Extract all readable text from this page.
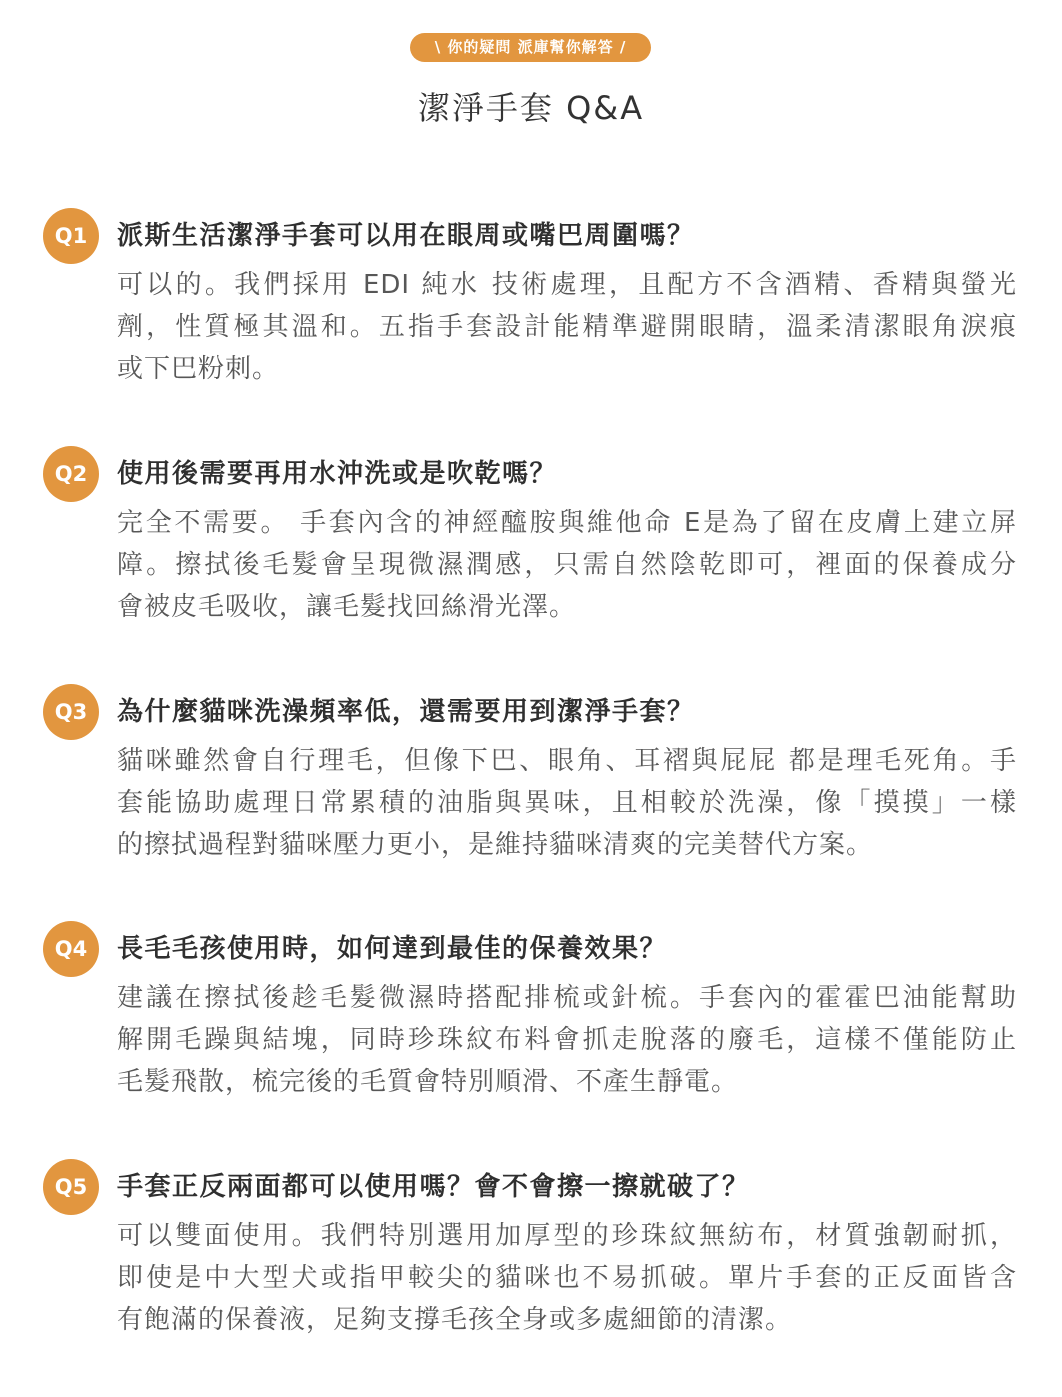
\ 你的疑問 派庫幫你解答 /
潔淨手套 Q&A
Q1	派斯生活潔淨手套可以用在眼周或嘴巴周圍嗎？
可以的。我們採用 EDI 純水 技術處理，且配方不含酒精、香精與螢光
劑，性質極其溫和。五指手套設計能精準避開眼睛，溫柔清潔眼角淚痕
或下巴粉刺。
Q2	使用後需要再用水沖洗或是吹乾嗎？
完全不需要。 手套內含的神經醯胺與維他命 E是為了留在皮膚上建立屏
障。擦拭後毛髮會呈現微濕潤感，只需自然陰乾即可，裡面的保養成分
會被皮毛吸收，讓毛髮找回絲滑光澤。
Q3	為什麼貓咪洗澡頻率低，還需要用到潔淨手套？
貓咪雖然會自行理毛，但像下巴、眼角、耳褶與屁屁 都是理毛死角。手
套能協助處理日常累積的油脂與異味，且相較於洗澡，像「摸摸」一樣
的擦拭過程對貓咪壓力更小，是維持貓咪清爽的完美替代方案。
Q4	長毛毛孩使用時，如何達到最佳的保養效果？
建議在擦拭後趁毛髮微濕時搭配排梳或針梳。手套內的霍霍巴油能幫助
解開毛躁與結塊，同時珍珠紋布料會抓走脫落的廢毛，這樣不僅能防止
毛髮飛散，梳完後的毛質會特別順滑、不產生靜電。
Q5	手套正反兩面都可以使用嗎？會不會擦一擦就破了？
可以雙面使用。我們特別選用加厚型的珍珠紋無紡布，材質強韌耐抓，
即使是中大型犬或指甲較尖的貓咪也不易抓破。單片手套的正反面皆含
有飽滿的保養液，足夠支撐毛孩全身或多處細節的清潔。
